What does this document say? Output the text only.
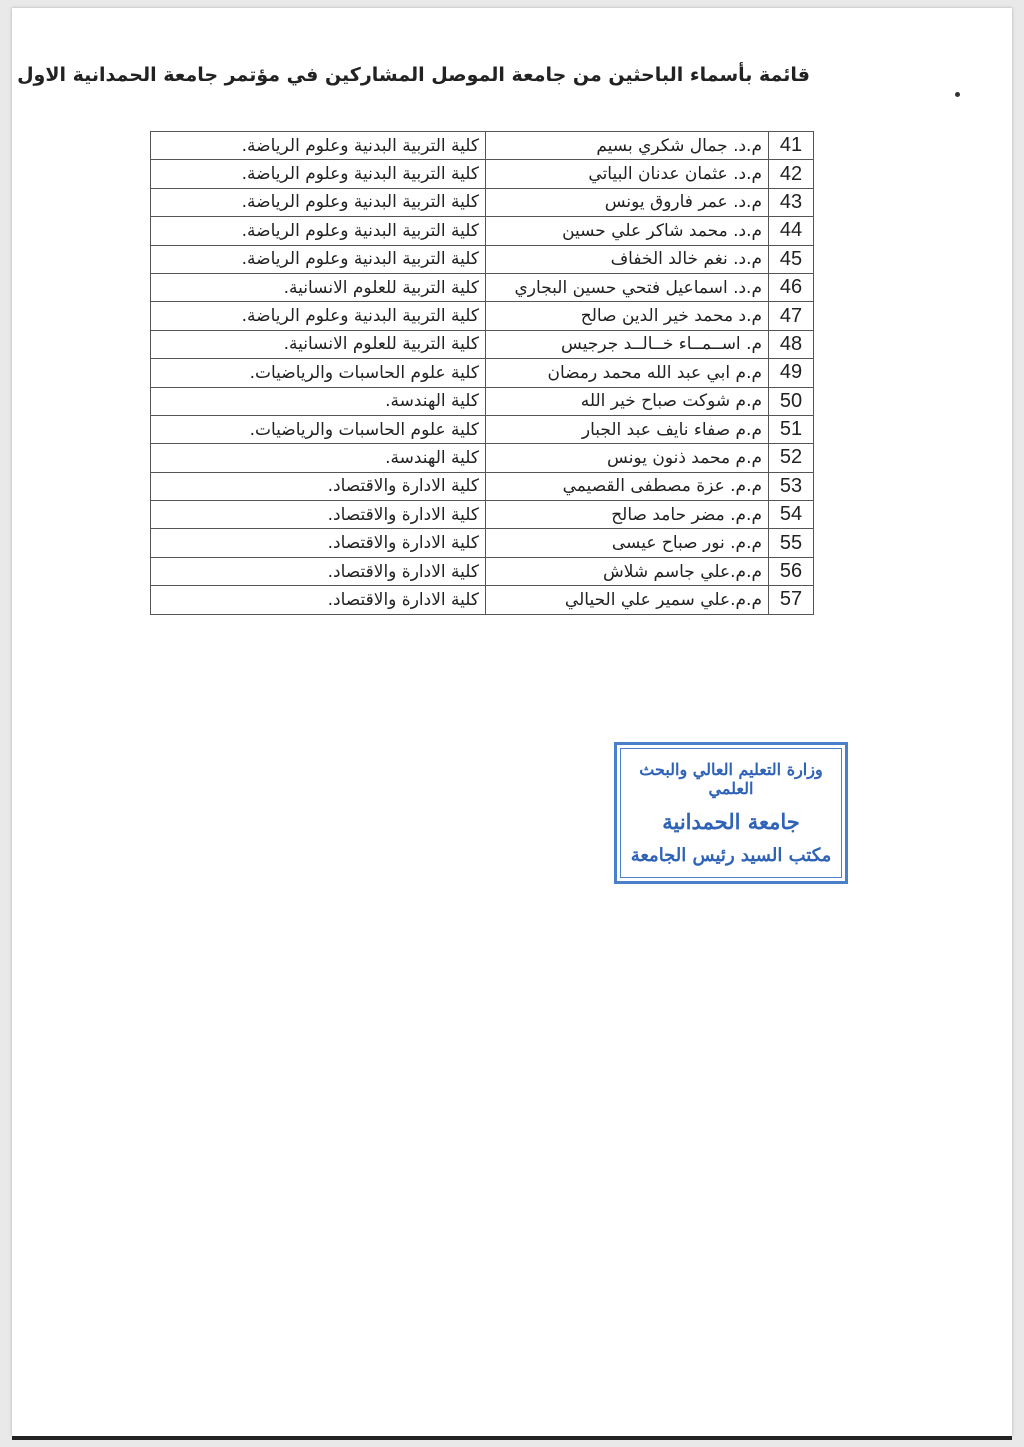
قائمة بأسماء الباحثين من جامعة الموصل المشاركين في مؤتمر جامعة الحمدانية الاول
41	م.د. جمال شكري بسيم	كلية التربية البدنية وعلوم الرياضة.
42	م.د. عثمان عدنان البياتي	كلية التربية البدنية وعلوم الرياضة.
43	م.د. عمر فاروق يونس	كلية التربية البدنية وعلوم الرياضة.
44	م.د. محمد شاكر علي حسين	كلية التربية البدنية وعلوم الرياضة.
45	م.د. نغم خالد الخفاف	كلية التربية البدنية وعلوم الرياضة.
46	م.د. اسماعيل فتحي حسين البجاري	كلية التربية للعلوم الانسانية.
47	م.د محمد خير الدين صالح	كلية التربية البدنية وعلوم الرياضة.
48	م. اســمــاء خــالــد جرجيس	كلية التربية للعلوم الانسانية.
49	م.م ابي عبد الله محمد رمضان	كلية علوم الحاسبات والرياضيات.
50	م.م شوكت صباح خير الله	كلية الهندسة.
51	م.م صفاء نايف عبد الجبار	كلية علوم الحاسبات والرياضيات.
52	م.م محمد ذنون يونس	كلية الهندسة.
53	م.م. عزة مصطفى القصيمي	كلية الادارة والاقتصاد.
54	م.م. مضر حامد صالح	كلية الادارة والاقتصاد.
55	م.م. نور صباح عيسى	كلية الادارة والاقتصاد.
56	م.م.علي جاسم شلاش	كلية الادارة والاقتصاد.
57	م.م.علي سمير علي الحيالي	كلية الادارة والاقتصاد.
وزارة التعليم العالي والبحث العلمي
جامعة الحمدانية
مكتب السيد رئيس الجامعة
